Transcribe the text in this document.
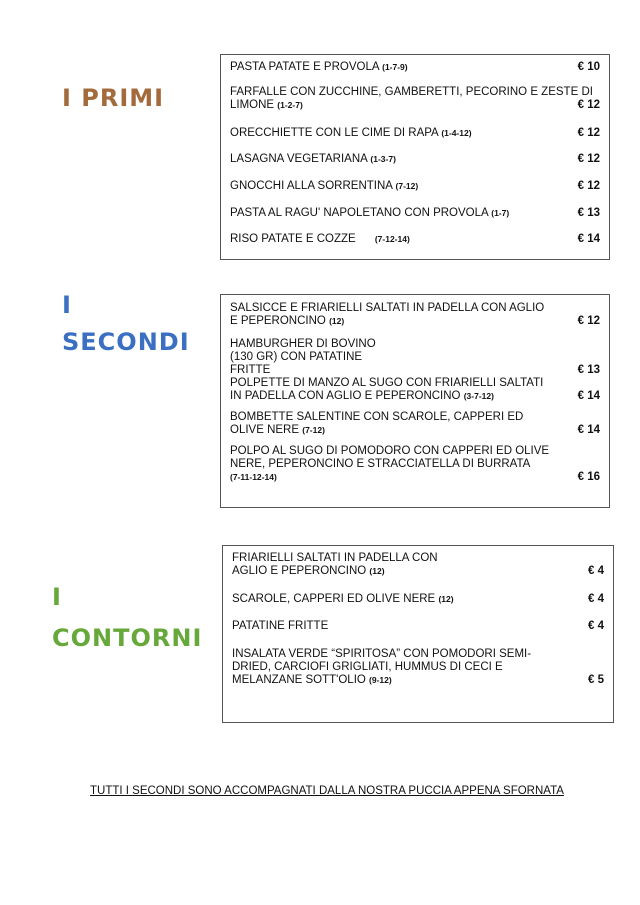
I PRIMI
I
SECONDI
I
CONTORNI
PASTA PATATE E PROVOLA (1-7-9)	€ 10
FARFALLE CON ZUCCHINE, GAMBERETTI, PECORINO E ZESTE DI LIMONE (1-2-7)	€ 12
ORECCHIETTE CON LE CIME DI RAPA (1-4-12)	€ 12
LASAGNA VEGETARIANA (1-3-7)	€ 12
GNOCCHI ALLA SORRENTINA (7-12)	€ 12
PASTA AL RAGU' NAPOLETANO CON PROVOLA (1-7)	€ 13
RISO PATATE E COZZE (7-12-14)	€ 14
SALSICCE E FRIARIELLI SALTATI IN PADELLA CON AGLIO E PEPERONCINO (12)	€ 12
HAMBURGHER DI BOVINO (130 GR) CON PATATINE FRITTE	€ 13
POLPETTE DI MANZO AL SUGO CON FRIARIELLI SALTATI IN PADELLA CON AGLIO E PEPERONCINO (3-7-12)	€ 14
BOMBETTE SALENTINE CON SCAROLE, CAPPERI ED OLIVE NERE (7-12)	€ 14
POLPO AL SUGO DI POMODORO CON CAPPERI ED OLIVE NERE, PEPERONCINO E STRACCIATELLA DI BURRATA    (7-11-12-14)	€ 16
FRIARIELLI SALTATI IN PADELLA CON AGLIO E PEPERONCINO (12)	€ 4
SCAROLE, CAPPERI ED OLIVE NERE (12)	€ 4
PATATINE FRITTE	€ 4
INSALATA VERDE “SPIRITOSA” CON POMODORI SEMI-DRIED, CARCIOFI GRIGLIATI, HUMMUS DI CECI E MELANZANE SOTT'OLIO (9-12)	€ 5
TUTTI I SECONDI SONO ACCOMPAGNATI DALLA NOSTRA PUCCIA APPENA SFORNATA
